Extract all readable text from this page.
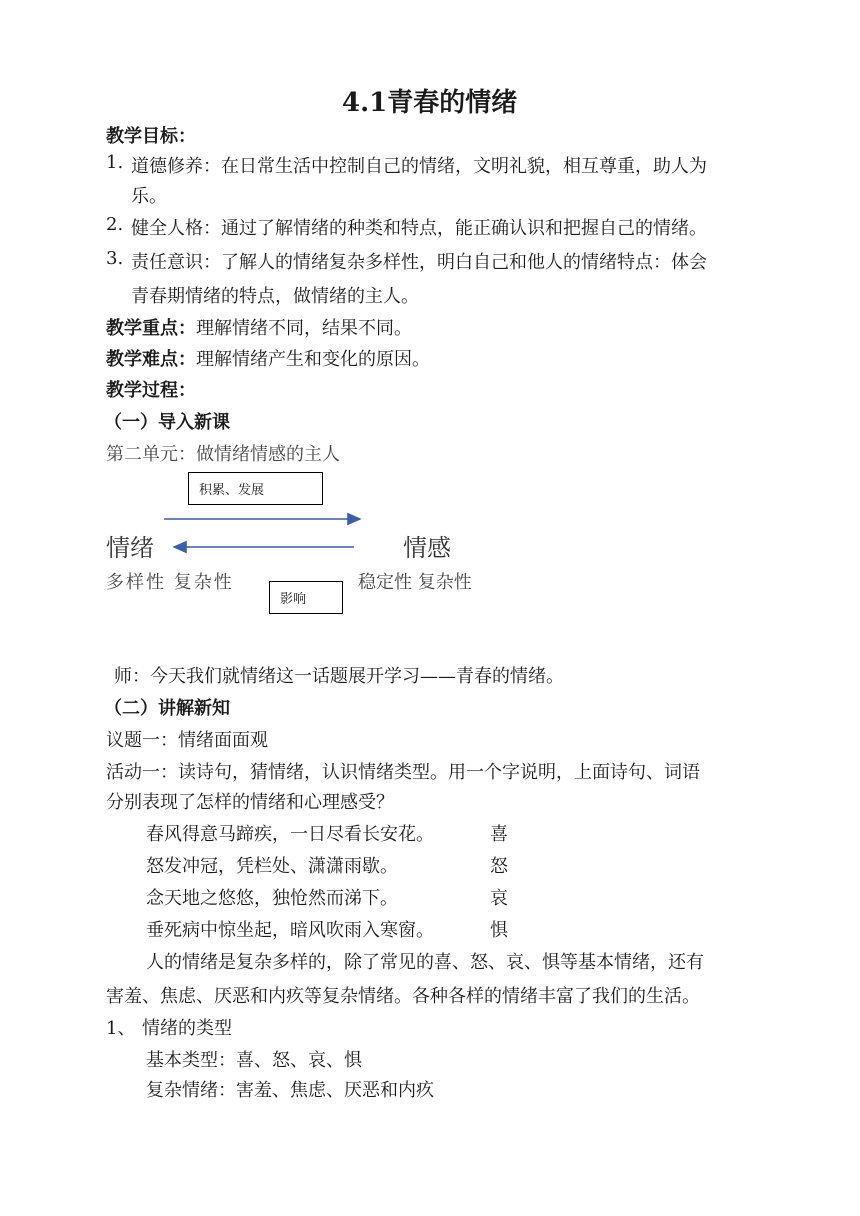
4.1青春的情绪
教学目标：
1. 道德修养：在日常生活中控制自己的情绪，文明礼貌，相互尊重，助人为
乐。
2. 健全人格：通过了解情绪的种类和特点，能正确认识和把握自己的情绪。
3. 责任意识：了解人的情绪复杂多样性，明白自己和他人的情绪特点：体会
青春期情绪的特点，做情绪的主人。
教学重点：理解情绪不同，结果不同。
教学难点：理解情绪产生和变化的原因。
教学过程：
（一）导入新课
第二单元：做情绪情感的主人
积累、发展
情绪	情感
多样性 复杂性	稳定性 复杂性
影响
师：今天我们就情绪这一话题展开学习——青春的情绪。
（二）讲解新知
议题一：情绪面面观
活动一：读诗句，猜情绪，认识情绪类型。用一个字说明，上面诗句、词语
分别表现了怎样的情绪和心理感受？
春风得意马蹄疾，一日尽看长安花。	喜
怒发冲冠，凭栏处、潇潇雨歇。	怒
念天地之悠悠，独怆然而涕下。	哀
垂死病中惊坐起，暗风吹雨入寒窗。	惧
人的情绪是复杂多样的，除了常见的喜、怒、哀、惧等基本情绪，还有
害羞、焦虑、厌恶和内疚等复杂情绪。各种各样的情绪丰富了我们的生活。
1、 情绪的类型
基本类型：喜、怒、哀、惧
复杂情绪：害羞、焦虑、厌恶和内疚
